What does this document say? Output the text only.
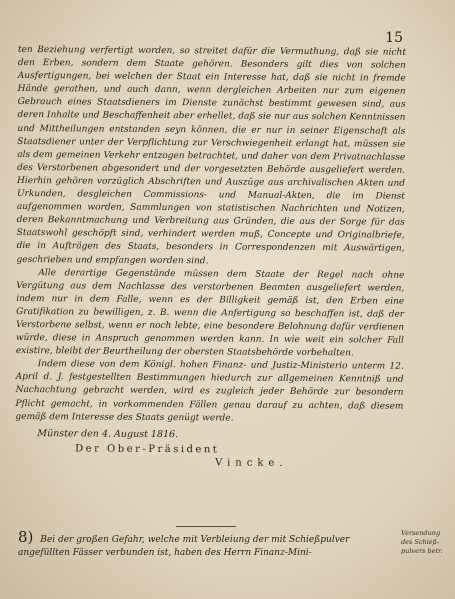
15

ten Beziehung verfertigt worden, so streitet dafür die Vermuthung, daß sie nicht den Erben, sondern dem Staate gehören. Besonders gilt dies von solchen Ausfertigungen, bei welchen der Staat ein Interesse hat, daß sie nicht in fremde Hände gerathen, und auch dann, wenn dergleichen Arbeiten nur zum eigenen Gebrauch eines Staatsdieners im Dienste zunächst bestimmt gewesen sind, aus deren Inhalte und Beschaffenheit aber erhellet, daß sie nur aus solchen Kenntnissen und Mittheilungen entstanden seyn können, die er nur in seiner Eigenschaft als Staatsdiener unter der Verpflichtung zur Verschwiegenheit erlangt hat, müssen sie als dem gemeinen Verkehr entzogen betrachtet, und daher von dem Privatnachlasse des Verstorbenen abgesondert und der vorgesetzten Behörde ausgeliefert werden. Hierhin gehören vorzüglich Abschriften und Auszüge aus archivalischen Akten und Urkunden, desgleichen Commissions- und Manual-Akten, die im Dienst aufgenommen worden, Sammlungen von statistischen Nachrichten und Notizen, deren Bekanntmachung und Verbreitung aus Gründen, die aus der Sorge für das Staatswohl geschöpft sind, verhindert werden muß, Concepte und Originalbriefe, die in Aufträgen des Staats, besonders in Correspondenzen mit Auswärtigen, geschrieben und empfangen worden sind.

Alle derartige Gegenstände müssen dem Staate der Regel nach ohne Vergütung aus dem Nachlasse des verstorbenen Beamten ausgeliefert werden, indem nur in dem Falle, wenn es der Billigkeit gemäß ist, den Erben eine Gratifikation zu bewilligen, z. B. wenn die Anfertigung so beschaffen ist, daß der Verstorbene selbst, wenn er noch lebte, eine besondere Belohnung dafür verdienen würde, diese in Anspruch genommen werden kann. In wie weit ein solcher Fall existire, bleibt der Beurtheilung der obersten Staatsbehörde vorbehalten.

Indem diese von dem Königl. hohen Finanz- und Justiz-Ministerio unterm 12. April d. J. festgestellten Bestimmungen hiedurch zur allgemeinen Kenntniß und Nachachtung gebracht werden, wird es zugleich jeder Behörde zur besondern Pflicht gemacht, in vorkommenden Fällen genau darauf zu achten, daß diesem gemäß dem Interesse des Staats genügt werde.

Münster den 4. August 1816.
Der Ober-Präsident
Vincke.
8) Bei der großen Gefahr, welche mit Verbleiung der mit Schießpulver angefüllten Fässer verbunden ist, haben des Herrn Finanz-Mini-
Versendung
des Schieß-
pulvers betr.
